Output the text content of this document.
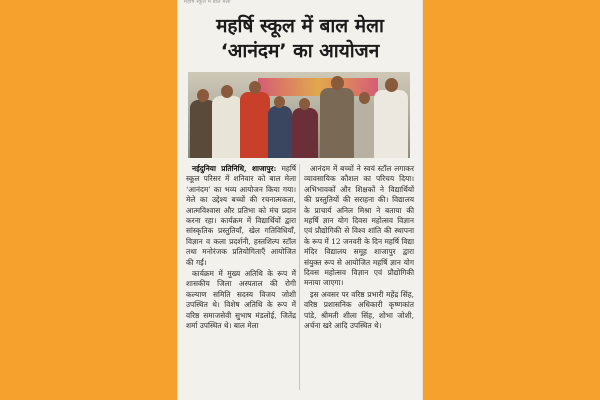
महर्षि स्कूल में बाल मेला
महर्षि स्कूल में बाल मेला
‘आनंदम’ का आयोजन

नईदुनिया प्रतिनिधि, शाजापुर: महर्षि स्कूल परिसर में शनिवार को बाल मेला ‘आनंदम’ का भव्य आयोजन किया गया। मेले का उद्देश्य बच्चों की रचनात्मकता, आत्मविश्वास और प्रतिभा को मंच प्रदान करना रहा। कार्यक्रम में विद्यार्थियों द्वारा सांस्कृतिक प्रस्तुतियाँ, खेल गतिविधियाँ, विज्ञान व कला प्रदर्शनी, हस्तशिल्प स्टॉल तथा मनोरंजक प्रतियोगिताएँ आयोजित की गईं।

कार्यक्रम में मुख्य अतिथि के रूप में शासकीय जिला अस्पताल की रोगी कल्याण समिति सदस्य विजय जोशी उपस्थित थे। विशेष अतिथि के रूप में वरिष्ठ समाजसेवी सुभाष मंडलोई, जितेंद्र शर्मा उपस्थित थे। बाल मेला

आनंदम में बच्चों ने स्वयं स्टॉल लगाकर व्यावसायिक कौशल का परिचय दिया। अभिभावकों और शिक्षकों ने विद्यार्थियों की प्रस्तुतियों की सराहना की। विद्यालय के प्राचार्य अनिल मिश्रा ने बताया की महर्षि ज्ञान योग दिवस महोत्सव विज्ञान एवं प्रौद्योगिकी से विश्व शांति की स्थापना के रूप में 12 जनवरी के दिन महर्षि विद्या मंदिर विद्यालय समूह शाजापुर द्वारा संयुक्त रूप से आयोजित महर्षि ज्ञान योग दिवस महोत्सव विज्ञान एवं प्रौद्योगिकी मनाया जाएगा।

इस अवसर पर वरिष्ठ प्रभारी महेंद्र सिंह, वरिष्ठ प्रशासनिक अधिकारी कृष्णकांत पांडे, श्रीमती शीला सिंह, शोभा जोशी, अर्चना खरे आदि उपस्थित थे।
